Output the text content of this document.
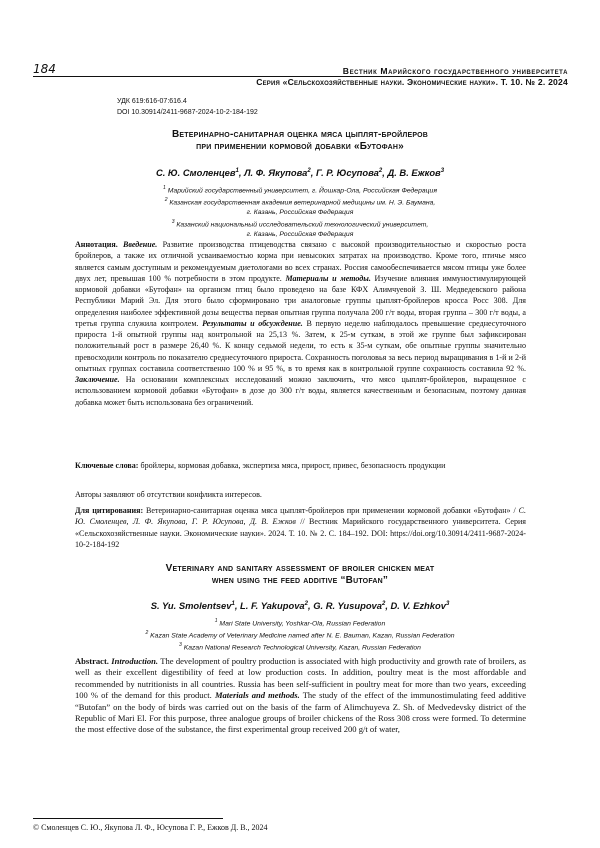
184	Вестник Марийского государственного университета
Серия «Сельскохозяйственные науки. Экономические науки». Т. 10. № 2. 2024
УДК 619:616-07:616.4
DOI 10.30914/2411-9687-2024-10-2-184-192
Ветеринарно-санитарная оценка мяса цыплят-бройлеров
при применении кормовой добавки «Бутофан»
С. Ю. Смоленцев$^1$, Л. Ф. Якупова$^2$, Г. Р. Юсупова$^2$, Д. В. Ежков$^3$
$^1$ Марийский государственный университет, г. Йошкар-Ола, Российская Федерация
$^2$ Казанская государственная академия ветеринарной медицины им. Н. Э. Баумана,
г. Казань, Российская Федерация
$^3$ Казанский национальный исследовательский технологический университет,
г. Казань, Российская Федерация
Аннотация. Введение. Развитие производства птицеводства связано с высокой производительностью и скоростью роста бройлеров, а также их отличной усваиваемостью корма при невысоких затратах на производство. Кроме того, птичье мясо является самым доступным и рекомендуемым диетологами во всех странах. Россия самообеспечивается мясом птицы уже более двух лет, превышая 100 % потребности в этом продукте. Материалы и методы. Изучение влияния иммуностимулирующей кормовой добавки «Бутофан» на организм птиц было проведено на базе КФХ Алимчуевой З. Ш. Медведевского района Республики Марий Эл. Для этого было сформировано три аналоговые группы цыплят-бройлеров кросса Росс 308. Для определения наиболее эффективной дозы вещества первая опытная группа получала 200 г/т воды, вторая группа – 300 г/т воды, а третья группа служила контролем. Результаты и обсуждение. В первую неделю наблюдалось превышение среднесуточного прироста 1-й опытной группы над контрольной на 25,13 %. Затем, к 25-м суткам, в этой же группе был зафиксирован положительный рост в размере 26,40 %. К концу седьмой недели, то есть к 35-м суткам, обе опытные группы значительно превосходили контроль по показателю среднесуточного прироста. Сохранность поголовья за весь период выращивания в 1-й и 2-й опытных группах составила соответственно 100 % и 95 %, в то время как в контрольной группе сохранность составила 92 %. Заключение. На основании комплексных исследований можно заключить, что мясо цыплят-бройлеров, выращенное с использованием кормовой добавки «Бутофан» в дозе до 300 г/т воды, является качественным и безопасным, поэтому данная добавка может быть использована без ограничений.
Ключевые слова: бройлеры, кормовая добавка, экспертиза мяса, прирост, привес, безопасность продукции
Авторы заявляют об отсутствии конфликта интересов.
Для цитирования: Ветеринарно-санитарная оценка мяса цыплят-бройлеров при применении кормовой добавки «Бутофан» / С. Ю. Смоленцев, Л. Ф. Якупова, Г. Р. Юсупова, Д. В. Ежков // Вестник Марийского государственного университета. Серия «Сельскохозяйственные науки. Экономические науки». 2024. Т. 10. № 2. С. 184–192. DOI: https://doi.org/10.30914/2411-9687-2024-10-2-184-192
Veterinary and sanitary assessment of broiler chicken meat
when using the feed additive “Butofan”
S. Yu. Smolentsev$^1$, L. F. Yakupova$^2$, G. R. Yusupova$^2$, D. V. Ezhkov$^3$
$^1$ Mari State University, Yoshkar-Ola, Russian Federation
$^2$ Kazan State Academy of Veterinary Medicine named after N. E. Bauman, Kazan, Russian Federation
$^3$ Kazan National Research Technological University, Kazan, Russian Federation
Abstract. Introduction. The development of poultry production is associated with high productivity and growth rate of broilers, as well as their excellent digestibility of feed at low production costs. In addition, poultry meat is the most affordable and recommended by nutritionists in all countries. Russia has been self-sufficient in poultry meat for more than two years, exceeding 100 % of the demand for this product. Materials and methods. The study of the effect of the immunostimulating feed additive “Butofan” on the body of birds was carried out on the basis of the farm of Alimchuyeva Z. Sh. of Medvedevsky district of the Republic of Mari El. For this purpose, three analogue groups of broiler chickens of the Ross 308 cross were formed. To determine the most effective dose of the substance, the first experimental group received 200 g/t of water,
© Смоленцев С. Ю., Якупова Л. Ф., Юсупова Г. Р., Ежков Д. В., 2024
